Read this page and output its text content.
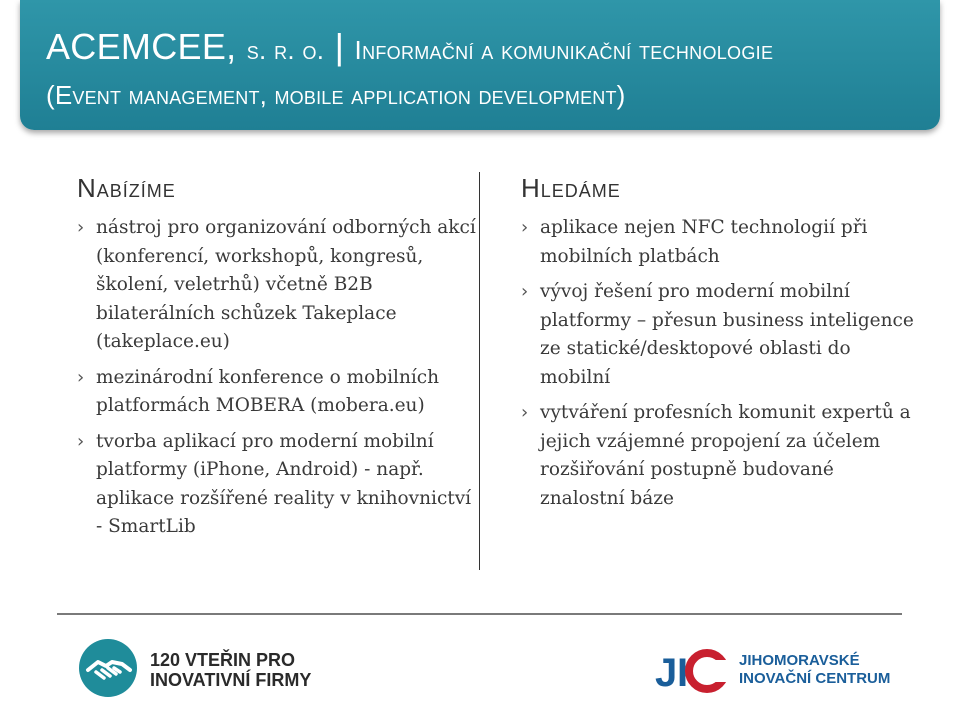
ACEMCEE, s. r. o. | Informační a komunikační technologie
(Event management, mobile application development)
Nabízíme
› nástroj pro organizování odborných akcí (konferencí, workshopů, kongresů, školení, veletrhů) včetně B2B bilaterálních schůzek Takeplace (takeplace.eu)
› mezinárodní konference o mobilních platformách MOBERA (mobera.eu)
› tvorba aplikací pro moderní mobilní platformy (iPhone, Android) - např. aplikace rozšířené reality v knihovnictví - SmartLib
Hledáme
› aplikace nejen NFC technologií při mobilních platbách
› vývoj řešení pro moderní mobilní platformy – přesun business inteligence ze statické/desktopové oblasti do mobilní
› vytváření profesních komunit expertů a jejich vzájemné propojení za účelem rozšiřování postupně budované znalostní báze
120 VTEŘIN PRO
INOVATIVNÍ FIRMY	J I	JIHOMORAVSKÉ
INOVAČNÍ CENTRUM
